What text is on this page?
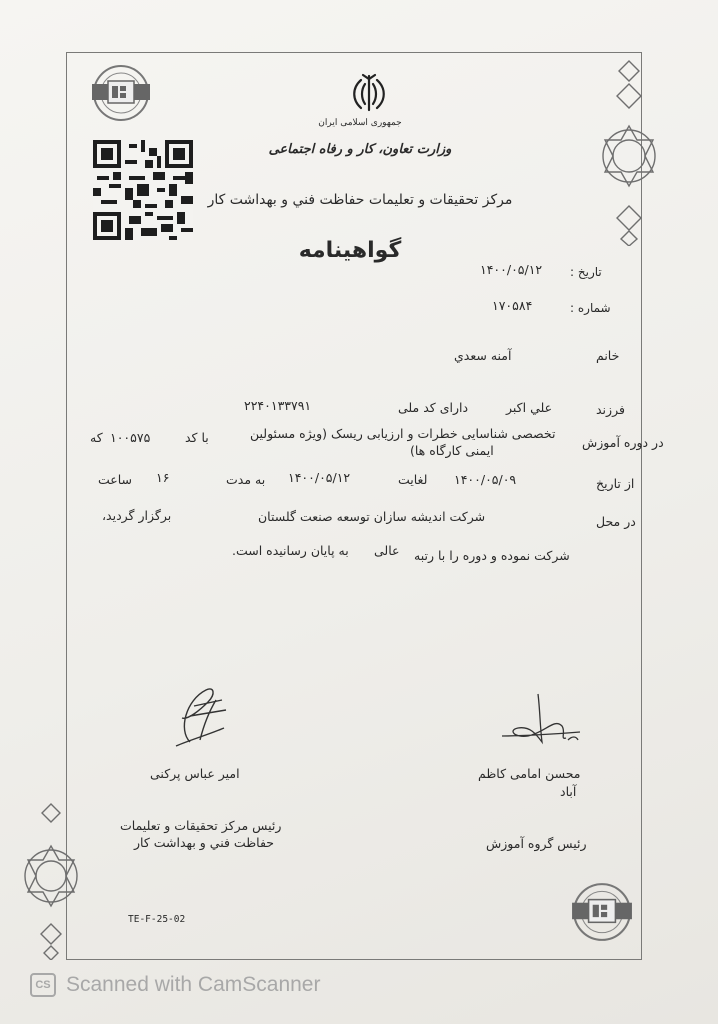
جمهوری اسلامی ایران
وزارت تعاون، کار و رفاه اجتماعی
مرکز تحقیقات و تعلیمات حفاظت فني و بهداشت کار
گواهینامه
تاریخ :
۱۴۰۰/۰۵/۱۲
شماره :
۱۷۰۵۸۴
خانم
آمنه سعدي
فرزند
علي اكبر
دارای کد ملی
۲۲۴۰۱۳۳۷۹۱
در دوره آموزش
تخصصی شناسایی خطرات و ارزیابی ریسک (ویژه مسئولین
ایمنی کارگاه ها)
با کد
۱۰۰۵۷۵
که
از تاریخ
۱۴۰۰/۰۵/۰۹
لغایت
۱۴۰۰/۰۵/۱۲
به مدت
۱۶
ساعت
در محل
شرکت اندیشه سازان توسعه صنعت گلستان
برگزار گردید،
شرکت نموده و دوره را با رتبه
عالی
به پایان رسانیده است.
امیر عباس پرکنی
رئیس مرکز تحقیقات و تعلیمات
حفاظت فني و بهداشت کار
محسن امامی کاظم
آباد
رئیس گروه آموزش
TE-F-25-02
CS Scanned with CamScanner
